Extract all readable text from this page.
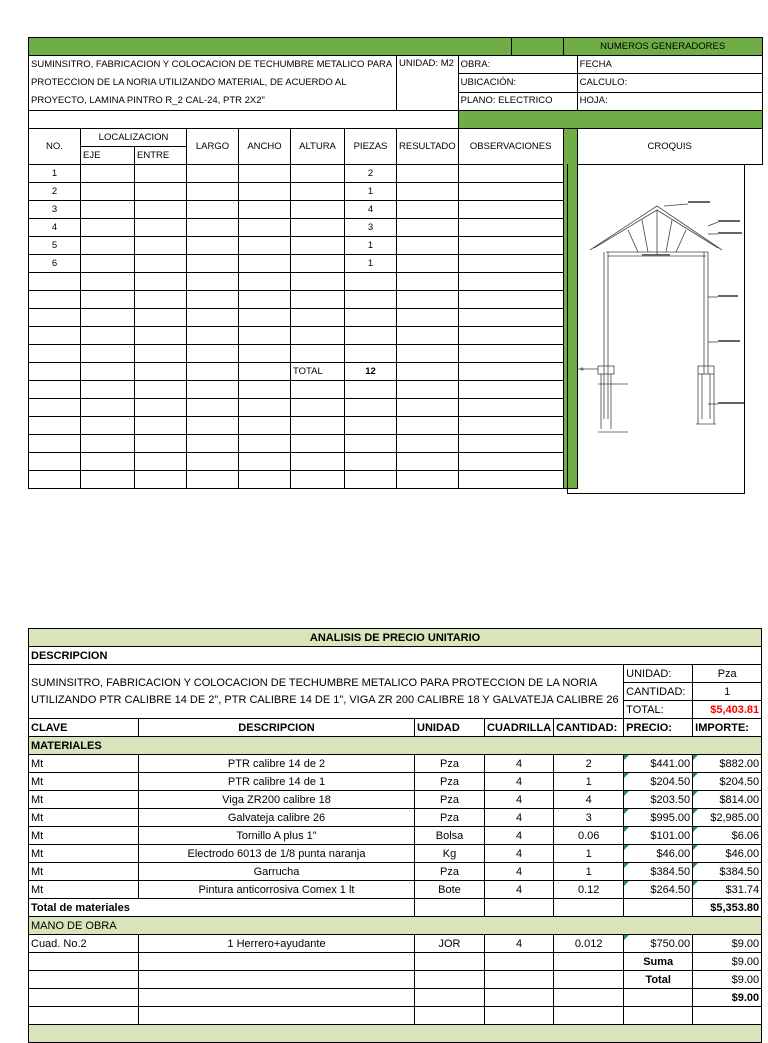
										NUMEROS GENERADORES	
SUMINSITRO, FABRICACION Y COLOCACION DE TECHUMBRE METALICO PARA PROTECCION DE LA NORIA UTILIZANDO MATERIAL, DE ACUERDO AL PROYECTO, LAMINA PINTRO R_2 CAL-24, PTR 2X2"							UNIDAD: M2	OBRA:			FECHA
								UBICACIÓN:			CALCULO:
								PLANO: ELECTRICO			HOJA:

NO.	LOCALIZACION		LARGO	ANCHO	ALTURA	PIEZAS	RESULTADO	OBSERVACIONES			CROQUIS
	EJE	ENTRE									
1						2					
2						1					
3						4					
4						3					
5						1					
6						1					

					TOTAL	12					

ANALISIS DE PRECIO UNITARIO						
DESCRIPCION						
SUMINSITRO, FABRICACION Y COLOCACION DE TECHUMBRE METALICO PARA PROTECCION DE LA NORIA UTILIZANDO PTR CALIBRE 14 DE 2", PTR CALIBRE 14 DE 1", VIGA ZR 200 CALIBRE 18 Y GALVATEJA CALIBRE 26					UNIDAD:	Pza
					CANTIDAD:	1
					TOTAL:	$5,403.81
CLAVE	DESCRIPCION	UNIDAD	CUADRILLA	CANTIDAD:	PRECIO:	IMPORTE:
MATERIALES						
Mt	PTR calibre 14 de 2	Pza	4	2	$441.00	$882.00
Mt	PTR calibre 14 de 1	Pza	4	1	$204.50	$204.50
Mt	Viga ZR200 calibre 18	Pza	4	4	$203.50	$814.00
Mt	Galvateja calibre 26	Pza	4	3	$995.00	$2,985.00
Mt	Tornillo A plus 1"	Bolsa	4	0.06	$101.00	$6.06
Mt	Electrodo 6013 de 1/8 punta naranja	Kg	4	1	$46.00	$46.00
Mt	Garrucha	Pza	4	1	$384.50	$384.50
Mt	Pintura anticorrosiva Comex 1 lt	Bote	4	0.12	$264.50	$31.74
Total de materiales						$5,353.80
MANO DE OBRA						
Cuad. No.2	1 Herrero+ayudante	JOR	4	0.012	$750.00	$9.00
					Suma	$9.00
					Total	$9.00
						$9.00
